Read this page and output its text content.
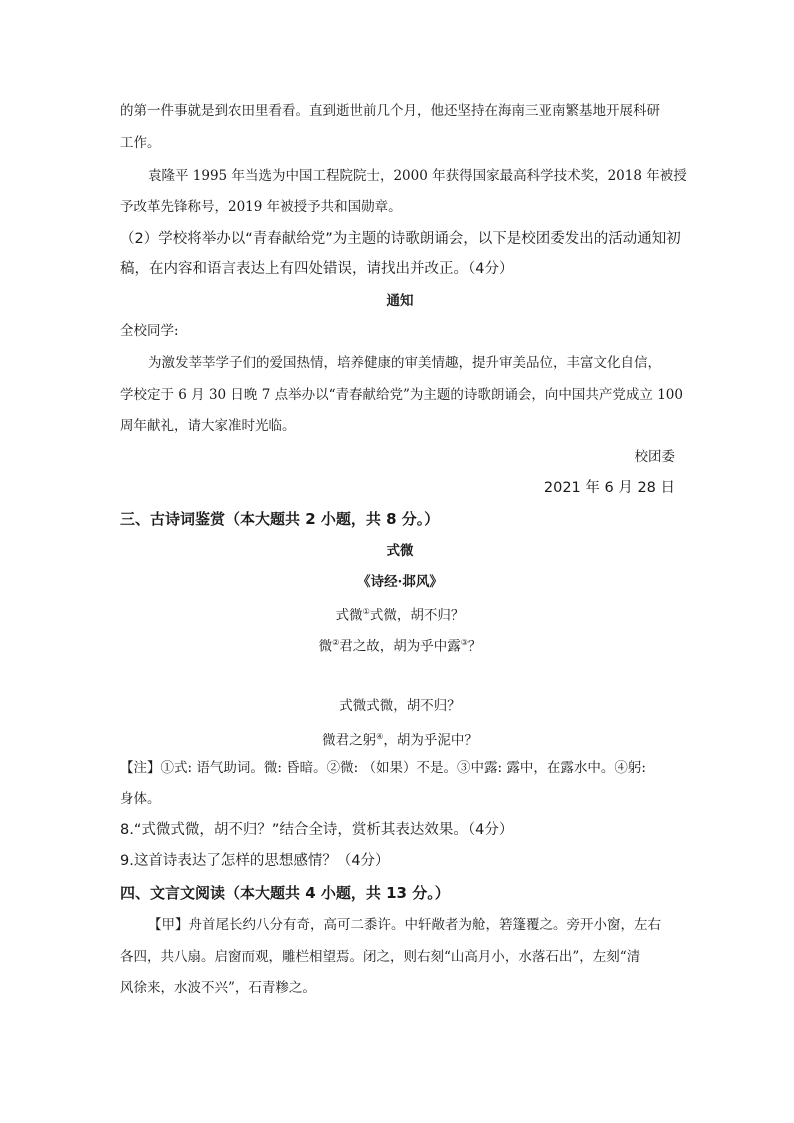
的第一件事就是到农田里看看。直到逝世前几个月，他还坚持在海南三亚南繁基地开展科研
工作。
袁隆平 1995 年当选为中国工程院院士，2000 年获得国家最高科学技术奖，2018 年被授
予改革先锋称号，2019 年被授予共和国勋章。
（2）学校将举办以“青春献给党”为主题的诗歌朗诵会，以下是校团委发出的活动通知初
稿，在内容和语言表达上有四处错误，请找出并改正。（4分）
通知
全校同学:
为激发莘莘学子们的爱国热情，培养健康的审美情趣，提升审美品位，丰富文化自信，
学校定于 6 月 30 日晚 7 点举办以“青春献给党”为主题的诗歌朗诵会，向中国共产党成立 100
周年献礼，请大家准时光临。
校团委
2021 年 6 月 28 日
三、古诗词鉴赏（本大题共 2 小题，共 8 分。）
式微
《诗经·邶风》
式微①式微，胡不归？
微②君之故，胡为乎中露③？
式微式微，胡不归？
微君之躬④，胡为乎泥中？
【注】①式: 语气助词。微: 昏暗。②微: （如果）不是。③中露: 露中，在露水中。④躬:
身体。
8.“式微式微，胡不归？”结合全诗，赏析其表达效果。（4分）
9.这首诗表达了怎样的思想感情？（4分）
四、文言文阅读（本大题共 4 小题，共 13 分。）
【甲】舟首尾长约八分有奇，高可二黍许。中轩敞者为舱，箬篷覆之。旁开小窗，左右
各四，共八扇。启窗而观，雕栏相望焉。闭之，则右刻“山高月小，水落石出”，左刻“清
风徐来，水波不兴”，石青糁之。
